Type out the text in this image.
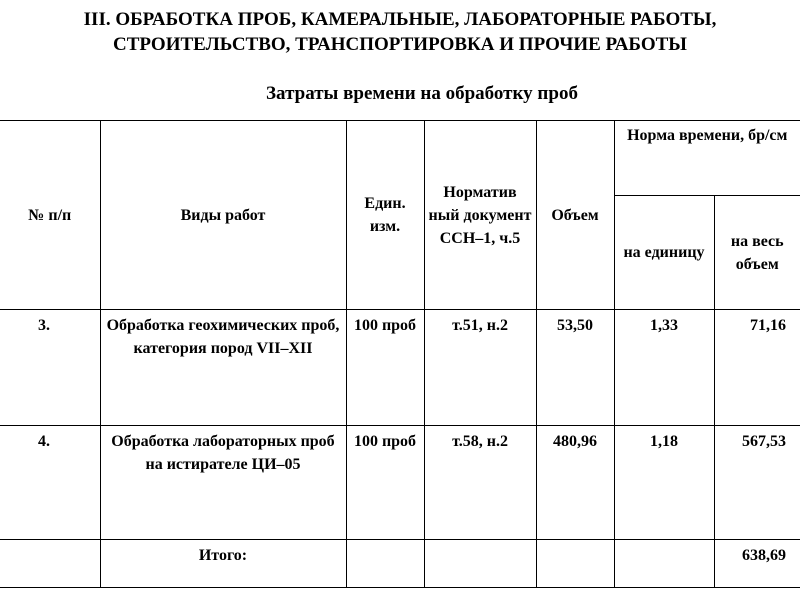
III. ОБРАБОТКА ПРОБ, КАМЕРАЛЬНЫЕ, ЛАБОРАТОРНЫЕ РАБОТЫ,
СТРОИТЕЛЬСТВО, ТРАНСПОРТИРОВКА И ПРОЧИЕ РАБОТЫ
Затраты времени на обработку проб
№ п/п	Виды работ	Един. изм.	Норматив ный документ ССН–1, ч.5	Объем	Норма времени, бр/см	
					на единицу	на весь объем
3.	Обработка геохимических проб, категория пород VII–XII	100 проб	т.51, н.2	53,50	1,33	71,16
4.	Обработка лабораторных проб на истирателе ЦИ–05	100 проб	т.58, н.2	480,96	1,18	567,53
	Итого:					638,69
